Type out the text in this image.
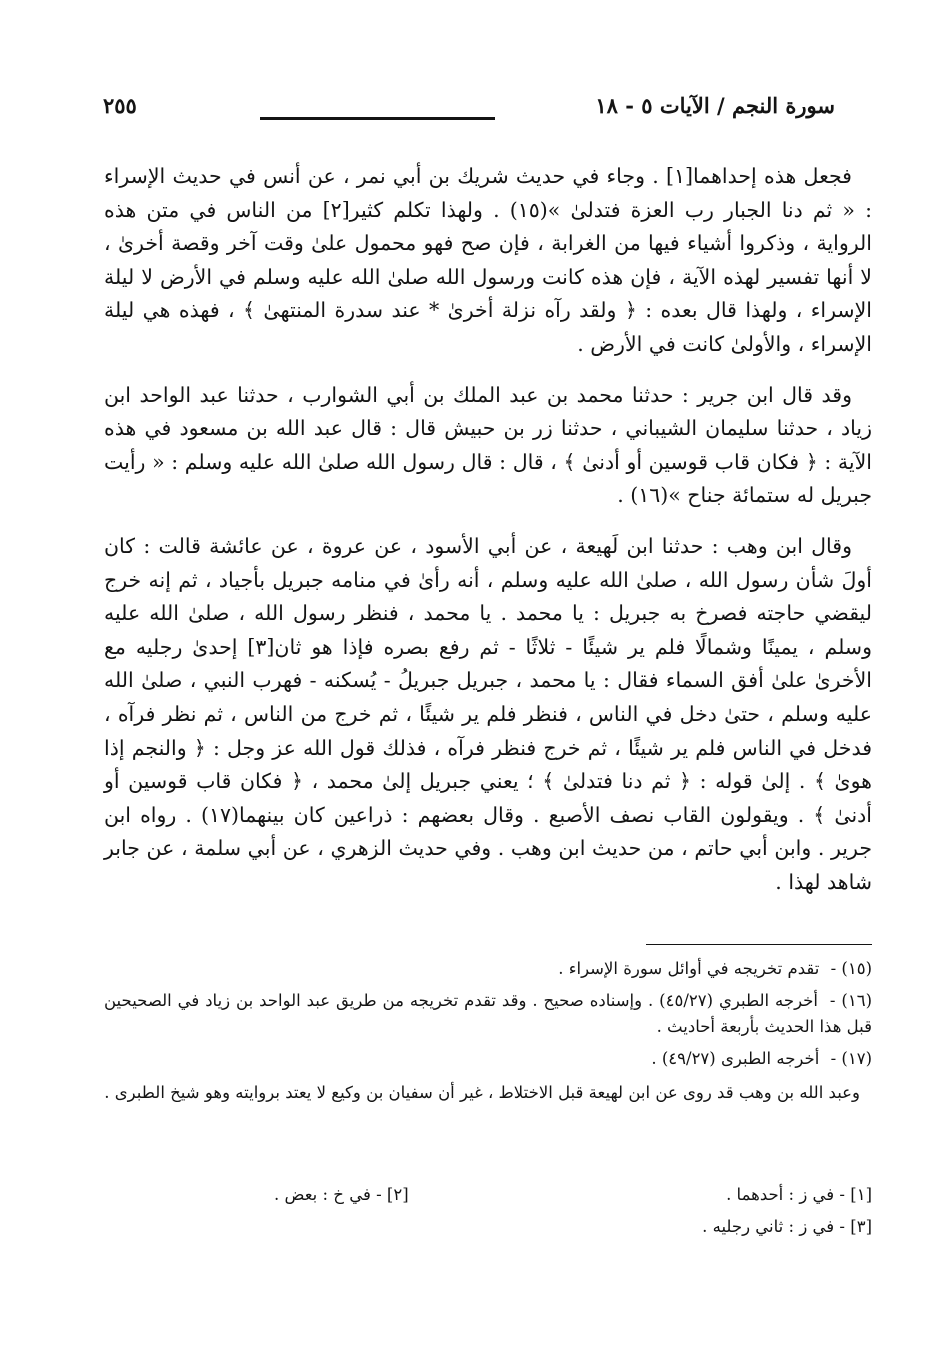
سورة النجم / الآيات ٥ - ١٨
٢٥٥

فجعل هذه إحداهما[١] . وجاء في حديث شريك بن أبي نمر ، عن أنس في حديث الإسراء : « ثم دنا الجبار رب العزة فتدلىٰ »(١٥) . ولهذا تكلم كثير[٢] من الناس في متن هذه الرواية ، وذكروا أشياء فيها من الغرابة ، فإن صح فهو محمول علىٰ وقت آخر وقصة أخرىٰ ، لا أنها تفسير لهذه الآية ، فإن هذه كانت ورسول الله صلىٰ الله عليه وسلم في الأرض لا ليلة الإسراء ، ولهذا قال بعده : ﴿ ولقد رآه نزلة أخرىٰ * عند سدرة المنتهىٰ ﴾ ، فهذه هي ليلة الإسراء ، والأولىٰ كانت في الأرض .

وقد قال ابن جرير : حدثنا محمد بن عبد الملك بن أبي الشوارب ، حدثنا عبد الواحد ابن زياد ، حدثنا سليمان الشيباني ، حدثنا زر بن حبيش قال : قال عبد الله بن مسعود في هذه الآية : ﴿ فكان قاب قوسين أو أدنىٰ ﴾ ، قال : قال رسول الله صلىٰ الله عليه وسلم : « رأيت جبريل له ستمائة جناح »(١٦) .

وقال ابن وهب : حدثنا ابن لَهيعة ، عن أبي الأسود ، عن عروة ، عن عائشة قالت : كان أولَ شأن رسول الله ، صلىٰ الله عليه وسلم ، أنه رأىٰ في منامه جبريل بأجياد ، ثم إنه خرج ليقضي حاجته فصرخ به جبريل : يا محمد . يا محمد ، فنظر رسول الله ، صلىٰ الله عليه وسلم ، يمينًا وشمالًا فلم ير شيئًا - ثلاثًا - ثم رفع بصره فإذا هو ثان[٣] إحدىٰ رجليه مع الأخرىٰ علىٰ أفق السماء فقال : يا محمد ، جبريل جبريلُ - يُسكنه - فهرب النبي ، صلىٰ الله عليه وسلم ، حتىٰ دخل في الناس ، فنظر فلم ير شيئًا ، ثم خرج من الناس ، ثم نظر فرآه ، فدخل في الناس فلم ير شيئًا ، ثم خرج فنظر فرآه ، فذلك قول الله عز وجل : ﴿ والنجم إذا هوىٰ ﴾ . إلىٰ قوله : ﴿ ثم دنا فتدلىٰ ﴾ ؛ يعني جبريل إلىٰ محمد ، ﴿ فكان قاب قوسين أو أدنىٰ ﴾ . ويقولون القاب نصف الأصبع . وقال بعضهم : ذراعين كان بينهما(١٧) . رواه ابن جرير . وابن أبي حاتم ، من حديث ابن وهب . وفي حديث الزهري ، عن أبي سلمة ، عن جابر شاهد لهذا .

(١٥) - تقدم تخريجه في أوائل سورة الإسراء .
(١٦) - أخرجه الطبري (٤٥/٢٧) . وإسناده صحيح . وقد تقدم تخريجه من طريق عبد الواحد بن زياد في الصحيحين قبل هذا الحديث بأربعة أحاديث .
(١٧) - أخرجه الطبرى (٤٩/٢٧) .
وعبد الله بن وهب قد روى عن ابن لهيعة قبل الاختلاط ، غير أن سفيان بن وكيع لا يعتد بروايته وهو شيخ الطبرى .
[١] - في ز : أحدهما .
[٢] - في خ : بعض .
[٣] - في ز : ثاني رجليه .
